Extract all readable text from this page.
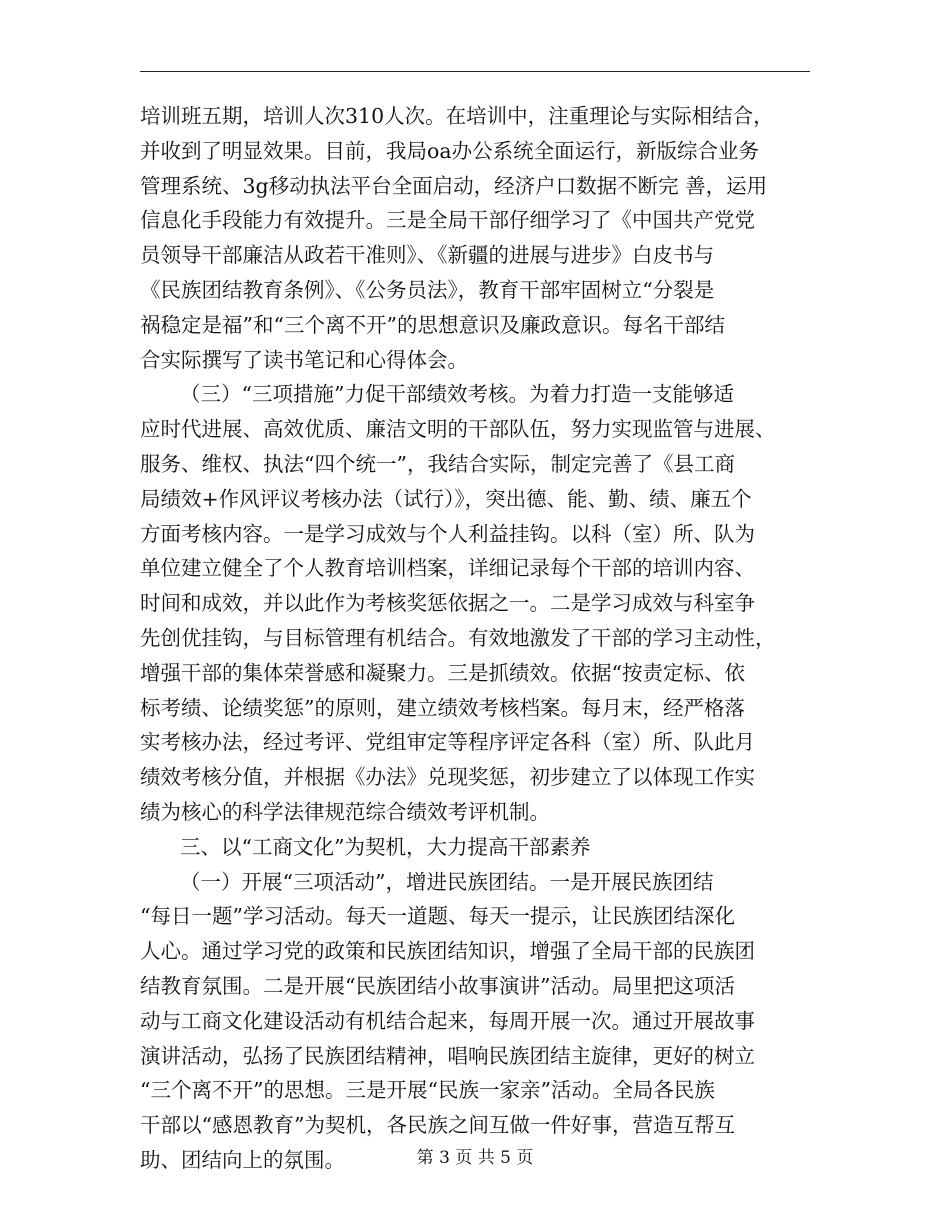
培训班五期，培训人次310人次。在培训中，注重理论与实际相结合，
并收到了明显效果。目前，我局oa办公系统全面运行，新版综合业务
管理系统、3g移动执法平台全面启动，经济户口数据不断完 善，运用
信息化手段能力有效提升。三是全局干部仔细学习了《中国共产党党
员领导干部廉洁从政若干准则》、《新疆的进展与进步》白皮书与
《民族团结教育条例》、《公务员法》，教育干部牢固树立“分裂是
祸稳定是福”和“三个离不开”的思想意识及廉政意识。每名干部结
合实际撰写了读书笔记和心得体会。
（三）“三项措施”力促干部绩效考核。为着力打造一支能够适
应时代进展、高效优质、廉洁文明的干部队伍，努力实现监管与进展、
服务、维权、执法“四个统一”，我结合实际，制定完善了《县工商
局绩效+作风评议考核办法（试行）》，突出德、能、勤、绩、廉五个
方面考核内容。一是学习成效与个人利益挂钩。以科（室）所、队为
单位建立健全了个人教育培训档案，详细记录每个干部的培训内容、
时间和成效，并以此作为考核奖惩依据之一。二是学习成效与科室争
先创优挂钩，与目标管理有机结合。有效地激发了干部的学习主动性，
增强干部的集体荣誉感和凝聚力。三是抓绩效。依据“按责定标、依
标考绩、论绩奖惩”的原则，建立绩效考核档案。每月末，经严格落
实考核办法，经过考评、党组审定等程序评定各科（室）所、队此月
绩效考核分值，并根据《办法》兑现奖惩，初步建立了以体现工作实
绩为核心的科学法律规范综合绩效考评机制。
三、以“工商文化”为契机，大力提高干部素养
（一）开展“三项活动”，增进民族团结。一是开展民族团结
“每日一题”学习活动。每天一道题、每天一提示，让民族团结深化
人心。通过学习党的政策和民族团结知识，增强了全局干部的民族团
结教育氛围。二是开展“民族团结小故事演讲”活动。局里把这项活
动与工商文化建设活动有机结合起来，每周开展一次。通过开展故事
演讲活动，弘扬了民族团结精神，唱响民族团结主旋律，更好的树立
“三个离不开”的思想。三是开展“民族一家亲”活动。全局各民族
干部以“感恩教育”为契机，各民族之间互做一件好事，营造互帮互
助、团结向上的氛围。	第 3 页 共 5 页
